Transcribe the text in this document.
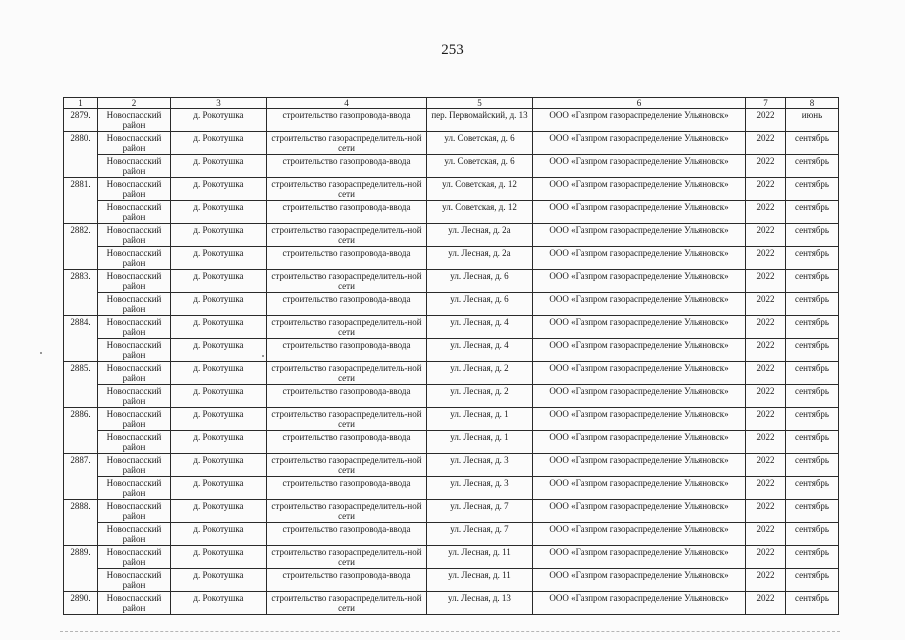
253
1	2	3	4	5	6	7	8
2879.	Новоспасский район	д. Рокотушка	строительство газопровода-ввода	пер. Первомайский, д. 13	ООО «Газпром газораспределение Ульяновск»	2022	июнь
2880.	Новоспасский район	д. Рокотушка	строительство газораспределитель-ной сети	ул. Советская, д. 6	ООО «Газпром газораспределение Ульяновск»	2022	сентябрь
	Новоспасский район	д. Рокотушка	строительство газопровода-ввода	ул. Советская, д. 6	ООО «Газпром газораспределение Ульяновск»	2022	сентябрь
2881.	Новоспасский район	д. Рокотушка	строительство газораспределитель-ной сети	ул. Советская, д. 12	ООО «Газпром газораспределение Ульяновск»	2022	сентябрь
	Новоспасский район	д. Рокотушка	строительство газопровода-ввода	ул. Советская, д. 12	ООО «Газпром газораспределение Ульяновск»	2022	сентябрь
2882.	Новоспасский район	д. Рокотушка	строительство газораспределитель-ной сети	ул. Лесная, д. 2а	ООО «Газпром газораспределение Ульяновск»	2022	сентябрь
	Новоспасский район	д. Рокотушка	строительство газопровода-ввода	ул. Лесная, д. 2а	ООО «Газпром газораспределение Ульяновск»	2022	сентябрь
2883.	Новоспасский район	д. Рокотушка	строительство газораспределитель-ной сети	ул. Лесная, д. 6	ООО «Газпром газораспределение Ульяновск»	2022	сентябрь
	Новоспасский район	д. Рокотушка	строительство газопровода-ввода	ул. Лесная, д. 6	ООО «Газпром газораспределение Ульяновск»	2022	сентябрь
2884.	Новоспасский район	д. Рокотушка	строительство газораспределитель-ной сети	ул. Лесная, д. 4	ООО «Газпром газораспределение Ульяновск»	2022	сентябрь
	Новоспасский район	д. Рокотушка	строительство газопровода-ввода	ул. Лесная, д. 4	ООО «Газпром газораспределение Ульяновск»	2022	сентябрь
2885.	Новоспасский район	д. Рокотушка	строительство газораспределитель-ной сети	ул. Лесная, д. 2	ООО «Газпром газораспределение Ульяновск»	2022	сентябрь
	Новоспасский район	д. Рокотушка	строительство газопровода-ввода	ул. Лесная, д. 2	ООО «Газпром газораспределение Ульяновск»	2022	сентябрь
2886.	Новоспасский район	д. Рокотушка	строительство газораспределитель-ной сети	ул. Лесная, д. 1	ООО «Газпром газораспределение Ульяновск»	2022	сентябрь
	Новоспасский район	д. Рокотушка	строительство газопровода-ввода	ул. Лесная, д. 1	ООО «Газпром газораспределение Ульяновск»	2022	сентябрь
2887.	Новоспасский район	д. Рокотушка	строительство газораспределитель-ной сети	ул. Лесная, д. 3	ООО «Газпром газораспределение Ульяновск»	2022	сентябрь
	Новоспасский район	д. Рокотушка	строительство газопровода-ввода	ул. Лесная, д. 3	ООО «Газпром газораспределение Ульяновск»	2022	сентябрь
2888.	Новоспасский район	д. Рокотушка	строительство газораспределитель-ной сети	ул. Лесная, д. 7	ООО «Газпром газораспределение Ульяновск»	2022	сентябрь
	Новоспасский район	д. Рокотушка	строительство газопровода-ввода	ул. Лесная, д. 7	ООО «Газпром газораспределение Ульяновск»	2022	сентябрь
2889.	Новоспасский район	д. Рокотушка	строительство газораспределитель-ной сети	ул. Лесная, д. 11	ООО «Газпром газораспределение Ульяновск»	2022	сентябрь
	Новоспасский район	д. Рокотушка	строительство газопровода-ввода	ул. Лесная, д. 11	ООО «Газпром газораспределение Ульяновск»	2022	сентябрь
2890.	Новоспасский район	д. Рокотушка	строительство газораспределитель-ной сети	ул. Лесная, д. 13	ООО «Газпром газораспределение Ульяновск»	2022	сентябрь
